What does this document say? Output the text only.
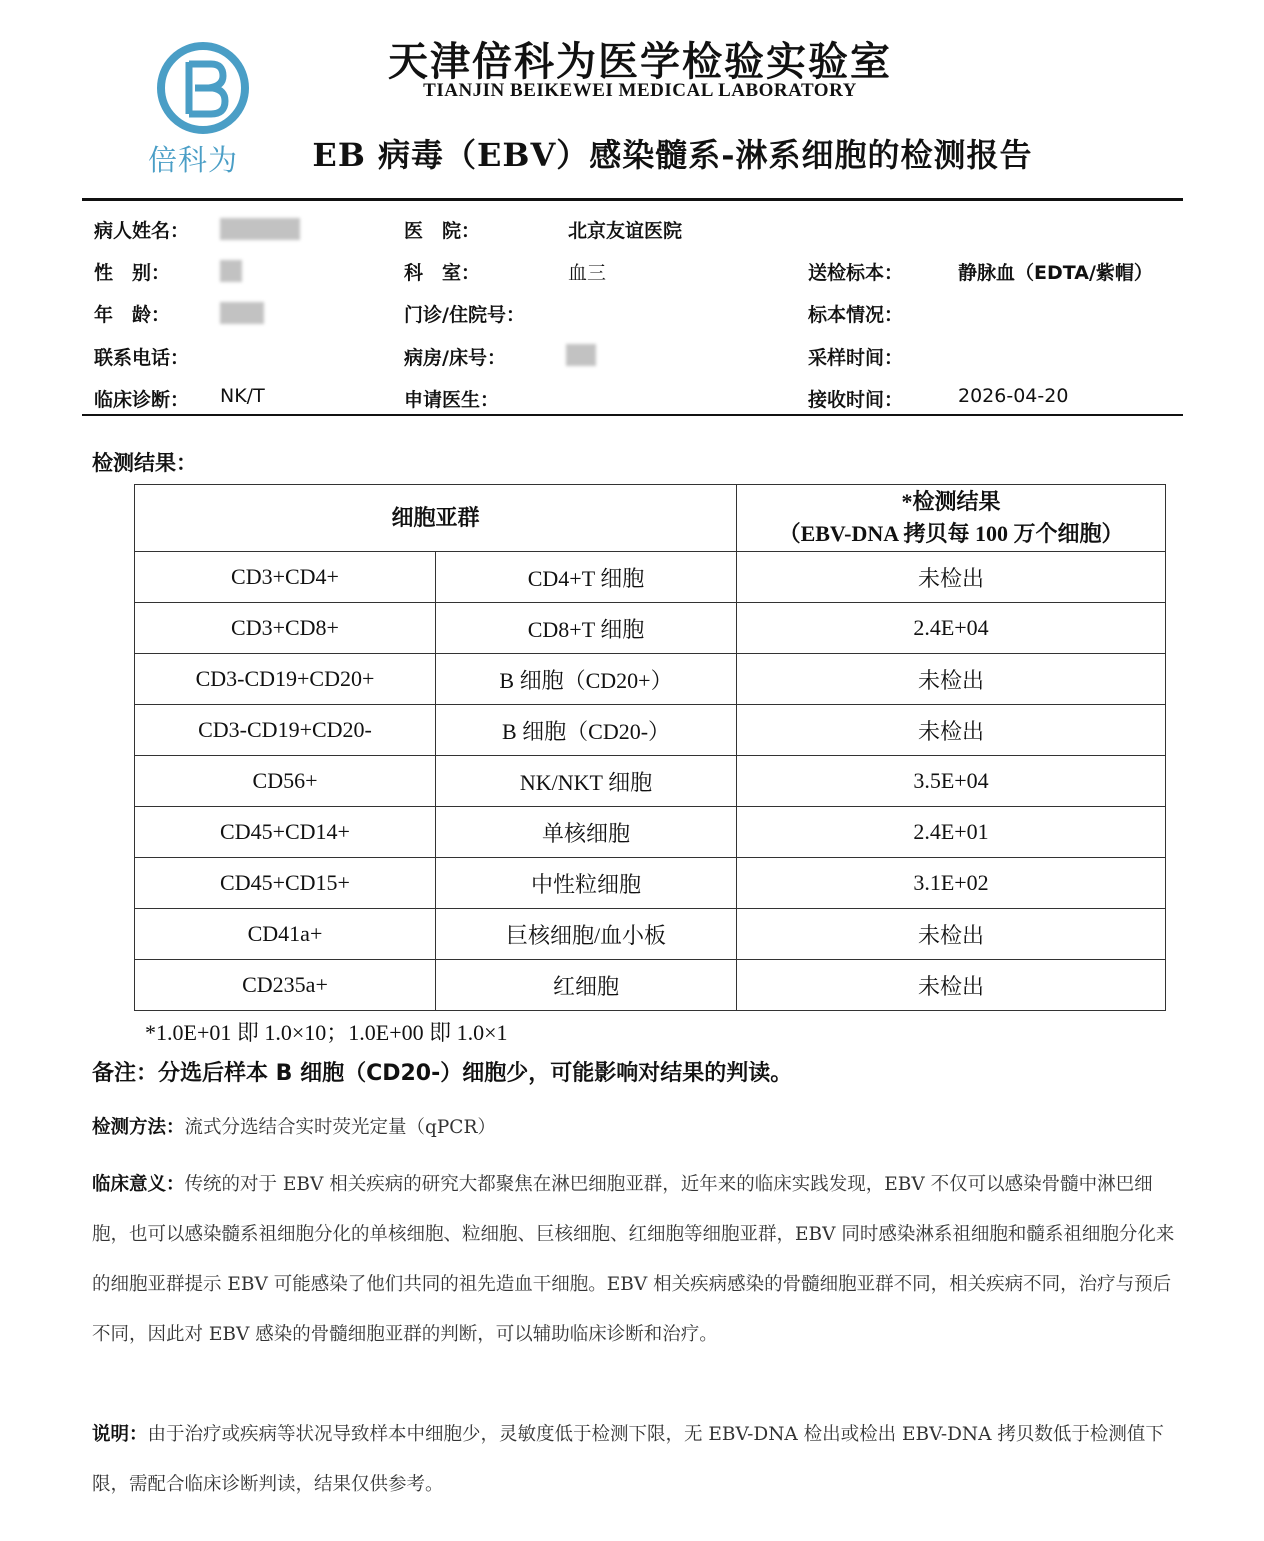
倍科为
天津倍科为医学检验实验室
TIANJIN BEIKEWEI MEDICAL LABORATORY
EB 病毒（EBV）感染髓系-淋系细胞的检测报告
病人姓名：
性　别：
年　龄：
联系电话：
临床诊断： NK/T
医　院：	北京友谊医院
科　室：	血三
门诊/住院号：
病房/床号：
申请医生：
送检标本：	静脉血（EDTA/紫帽）
标本情况：
采样时间：
接收时间：	2026-04-20
检测结果：
细胞亚群		*检测结果
（EBV-DNA 拷贝每 100 万个细胞）

CD3+CD4+	CD4+T 细胞	未检出
CD3+CD8+	CD8+T 细胞	2.4E+04
CD3-CD19+CD20+	B 细胞（CD20+）	未检出
CD3-CD19+CD20-	B 细胞（CD20-）	未检出
CD56+	NK/NKT 细胞	3.5E+04
CD45+CD14+	单核细胞	2.4E+01
CD45+CD15+	中性粒细胞	3.1E+02
CD41a+	巨核细胞/血小板	未检出
CD235a+	红细胞	未检出
*1.0E+01 即 1.0×10；1.0E+00 即 1.0×1
备注：分选后样本 B 细胞（CD20-）细胞少，可能影响对结果的判读。
检测方法：流式分选结合实时荧光定量（qPCR）
临床意义：传统的对于 EBV 相关疾病的研究大都聚焦在淋巴细胞亚群，近年来的临床实践发现，EBV 不仅可以感染骨髓中淋巴细胞，也可以感染髓系祖细胞分化的单核细胞、粒细胞、巨核细胞、红细胞等细胞亚群，EBV 同时感染淋系祖细胞和髓系祖细胞分化来的细胞亚群提示 EBV 可能感染了他们共同的祖先造血干细胞。EBV 相关疾病感染的骨髓细胞亚群不同，相关疾病不同，治疗与预后不同，因此对 EBV 感染的骨髓细胞亚群的判断，可以辅助临床诊断和治疗。
说明：由于治疗或疾病等状况导致样本中细胞少，灵敏度低于检测下限，无 EBV-DNA 检出或检出 EBV-DNA 拷贝数低于检测值下限，需配合临床诊断判读，结果仅供参考。
